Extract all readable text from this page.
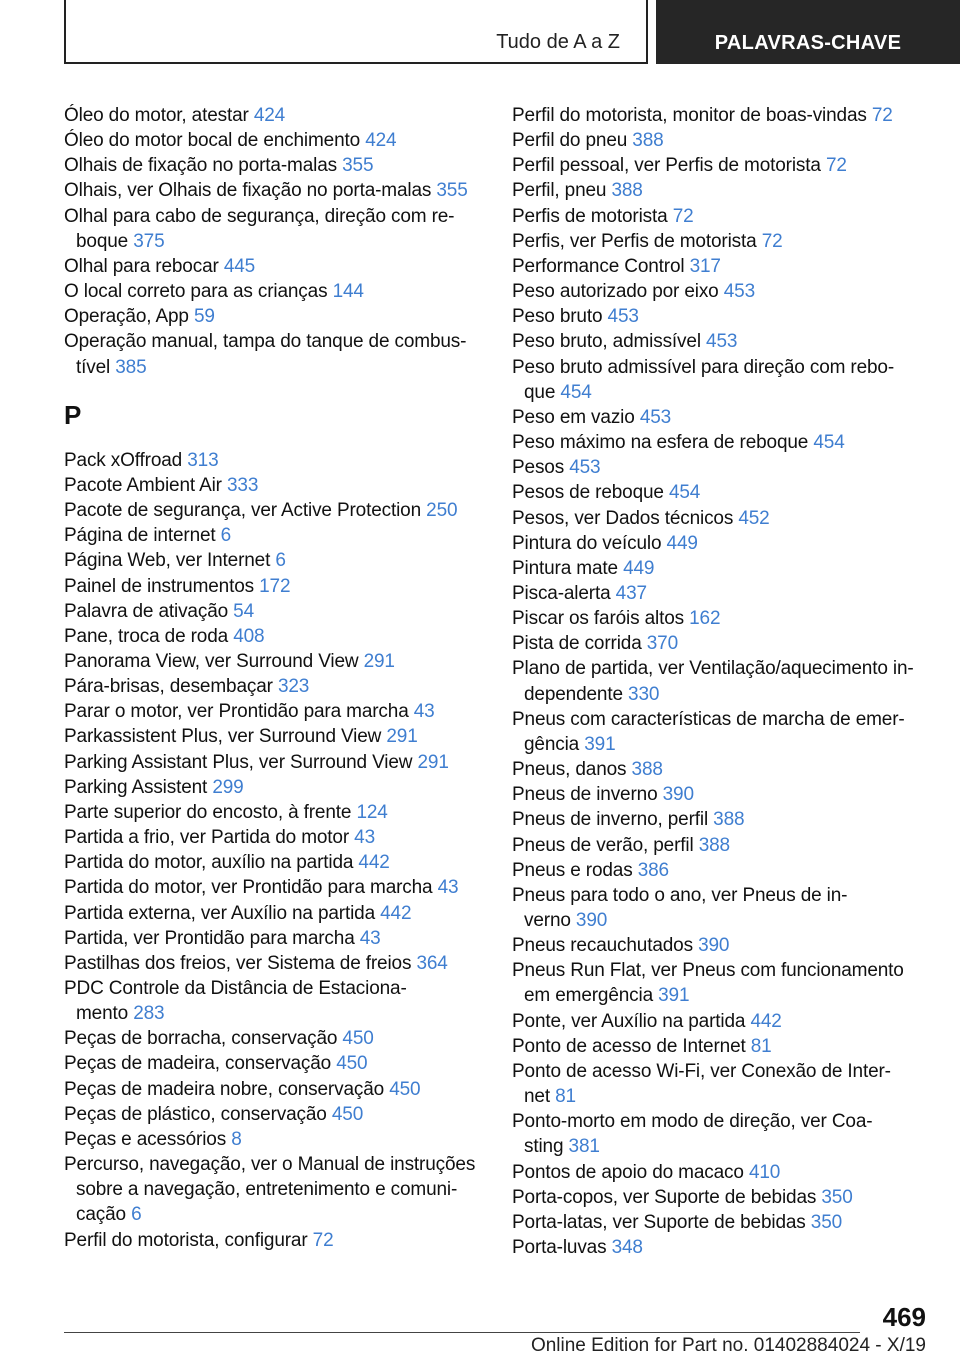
Tudo de A a Z	PALAVRAS-CHAVE
Óleo do motor, atestar 424
Óleo do motor bocal de enchimento 424
Olhais de fixação no porta-malas 355
Olhais, ver Olhais de fixação no porta-malas 355
Olhal para cabo de segurança, direção com re-
boque 375
Olhal para rebocar 445
O local correto para as crianças 144
Operação, App 59
Operação manual, tampa do tanque de combus-
tível 385
P
Pack xOffroad 313
Pacote Ambient Air 333
Pacote de segurança, ver Active Protection 250
Página de internet 6
Página Web, ver Internet 6
Painel de instrumentos 172
Palavra de ativação 54
Pane, troca de roda 408
Panorama View, ver Surround View 291
Pára-brisas, desembaçar 323
Parar o motor, ver Prontidão para marcha 43
Parkassistent Plus, ver Surround View 291
Parking Assistant Plus, ver Surround View 291
Parking Assistent 299
Parte superior do encosto, à frente 124
Partida a frio, ver Partida do motor 43
Partida do motor, auxílio na partida 442
Partida do motor, ver Prontidão para marcha 43
Partida externa, ver Auxílio na partida 442
Partida, ver Prontidão para marcha 43
Pastilhas dos freios, ver Sistema de freios 364
PDC Controle da Distância de Estaciona-
mento 283
Peças de borracha, conservação 450
Peças de madeira, conservação 450
Peças de madeira nobre, conservação 450
Peças de plástico, conservação 450
Peças e acessórios 8
Percurso, navegação, ver o Manual de instruções
sobre a navegação, entretenimento e comuni-
cação 6
Perfil do motorista, configurar 72
Perfil do motorista, monitor de boas-vindas 72
Perfil do pneu 388
Perfil pessoal, ver Perfis de motorista 72
Perfil, pneu 388
Perfis de motorista 72
Perfis, ver Perfis de motorista 72
Performance Control 317
Peso autorizado por eixo 453
Peso bruto 453
Peso bruto, admissível 453
Peso bruto admissível para direção com rebo-
que 454
Peso em vazio 453
Peso máximo na esfera de reboque 454
Pesos 453
Pesos de reboque 454
Pesos, ver Dados técnicos 452
Pintura do veículo 449
Pintura mate 449
Pisca-alerta 437
Piscar os faróis altos 162
Pista de corrida 370
Plano de partida, ver Ventilação/aquecimento in-
dependente 330
Pneus com características de marcha de emer-
gência 391
Pneus, danos 388
Pneus de inverno 390
Pneus de inverno, perfil 388
Pneus de verão, perfil 388
Pneus e rodas 386
Pneus para todo o ano, ver Pneus de in-
verno 390
Pneus recauchutados 390
Pneus Run Flat, ver Pneus com funcionamento
em emergência 391
Ponte, ver Auxílio na partida 442
Ponto de acesso de Internet 81
Ponto de acesso Wi-Fi, ver Conexão de Inter-
net 81
Ponto-morto em modo de direção, ver Coa-
sting 381
Pontos de apoio do macaco 410
Porta-copos, ver Suporte de bebidas 350
Porta-latas, ver Suporte de bebidas 350
Porta-luvas 348
469
Online Edition for Part no. 01402884024 - X/19
